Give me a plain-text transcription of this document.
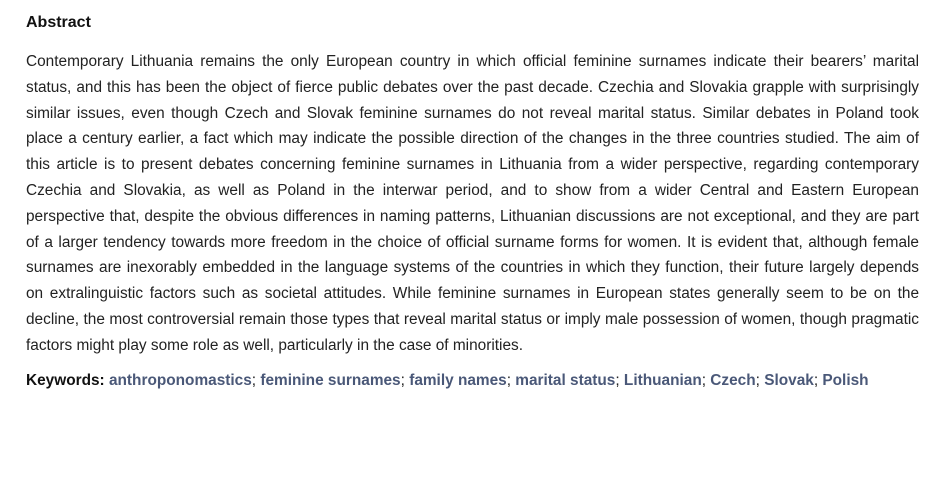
Abstract

Contemporary Lithuania remains the only European country in which official feminine surnames indicate their bearers’ marital status, and this has been the object of fierce public debates over the past decade. Czechia and Slovakia grapple with surprisingly similar issues, even though Czech and Slovak feminine surnames do not reveal marital status. Similar debates in Poland took place a century earlier, a fact which may indicate the possible direction of the changes in the three countries studied. The aim of this article is to present debates concerning feminine surnames in Lithuania from a wider perspective, regarding contemporary Czechia and Slovakia, as well as Poland in the interwar period, and to show from a wider Central and Eastern European perspective that, despite the obvious differences in naming patterns, Lithuanian discussions are not exceptional, and they are part of a larger tendency towards more freedom in the choice of official surname forms for women. It is evident that, although female surnames are inexorably embedded in the language systems of the countries in which they function, their future largely depends on extralinguistic factors such as societal attitudes. While feminine surnames in European states generally seem to be on the decline, the most controversial remain those types that reveal marital status or imply male possession of women, though pragmatic factors might play some role as well, particularly in the case of minorities.

Keywords: anthroponomastics; feminine surnames; family names; marital status; Lithuanian; Czech; Slovak; Polish
